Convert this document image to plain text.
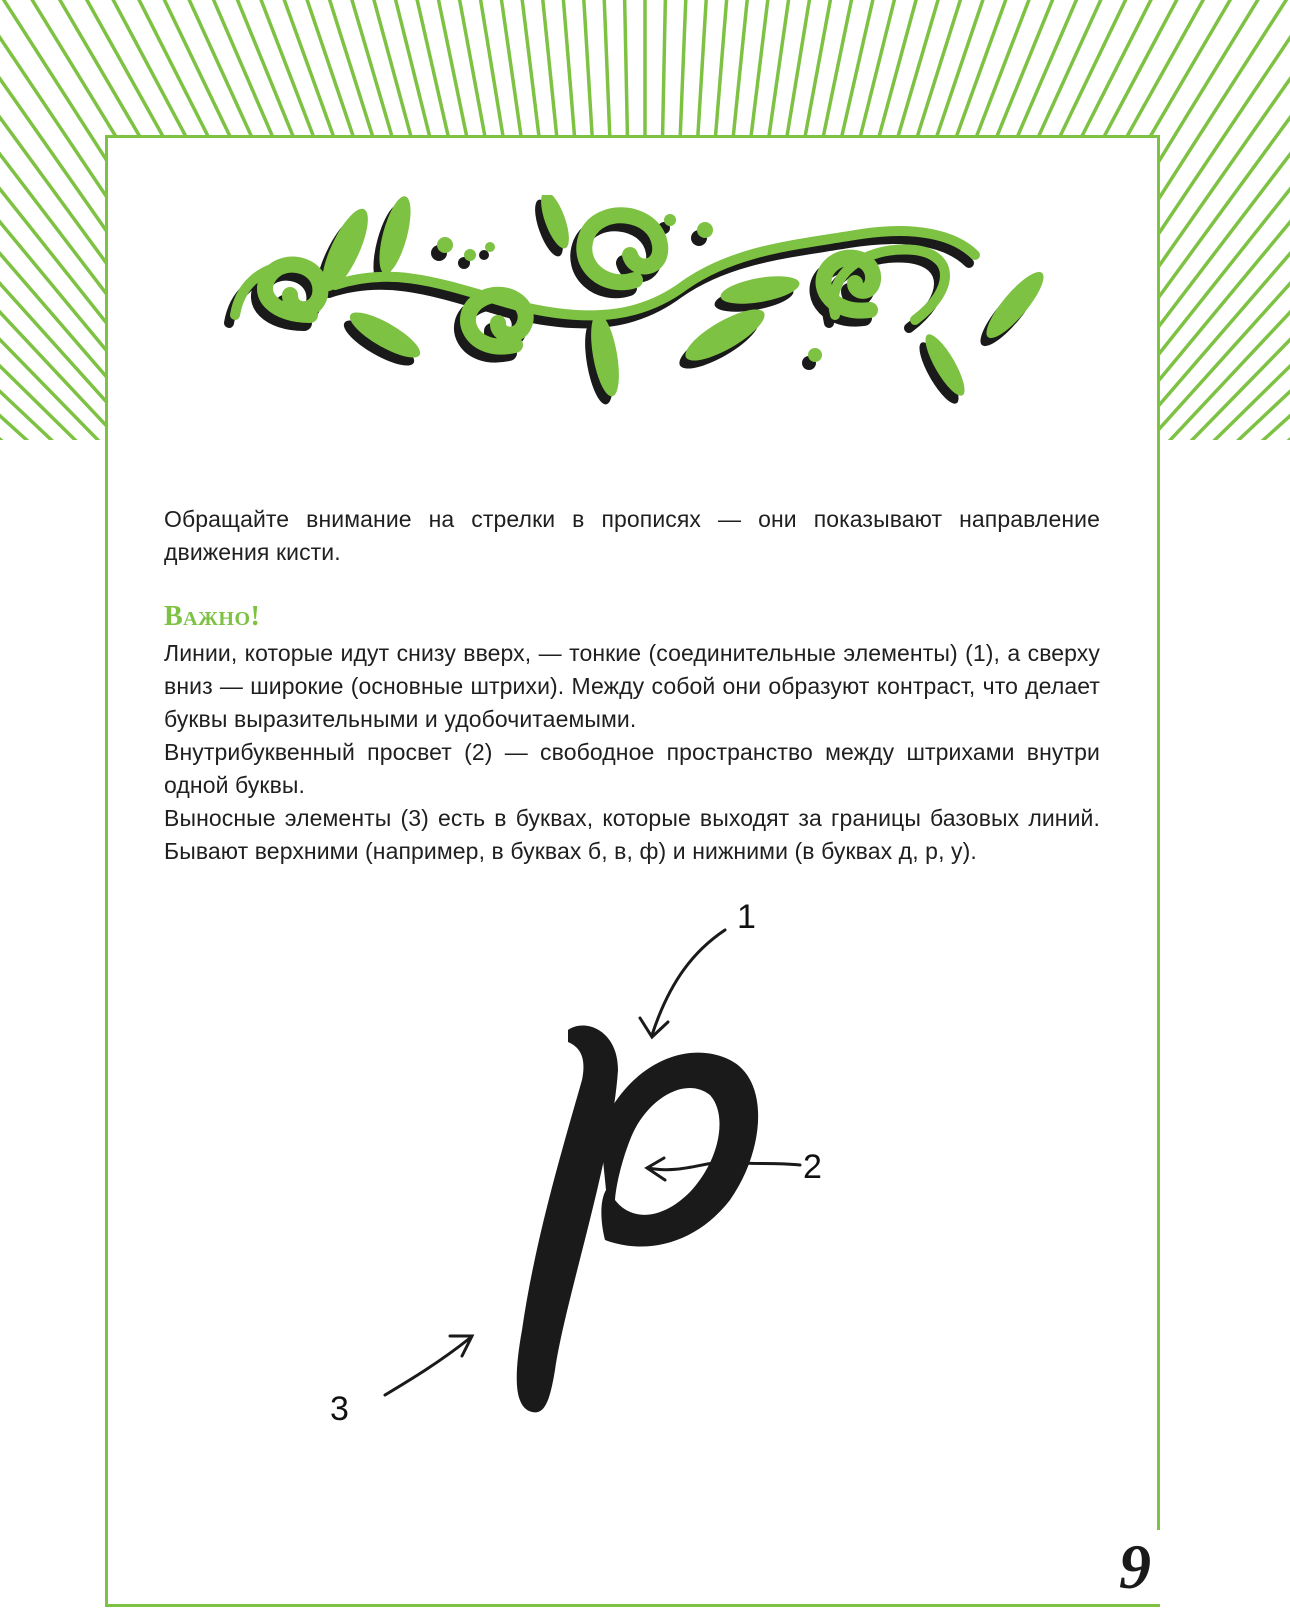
Обращайте внимание на стрелки в прописях — они показывают направление движения кисти.

Важно!

Линии, которые идут снизу вверх, — тонкие (соединительные элементы) (1), а сверху вниз — широкие (основные штрихи). Между собой они образуют контраст, что делает буквы выразительными и удобочитаемыми.

Внутрибуквенный просвет (2) — свободное пространство между штрихами внутри одной буквы.

Выносные элементы (3) есть в буквах, которые выходят за границы базовых линий. Бывают верхними (например, в буквах б, в, ф) и нижними (в буквах д, р, у).

1
2
3
9
